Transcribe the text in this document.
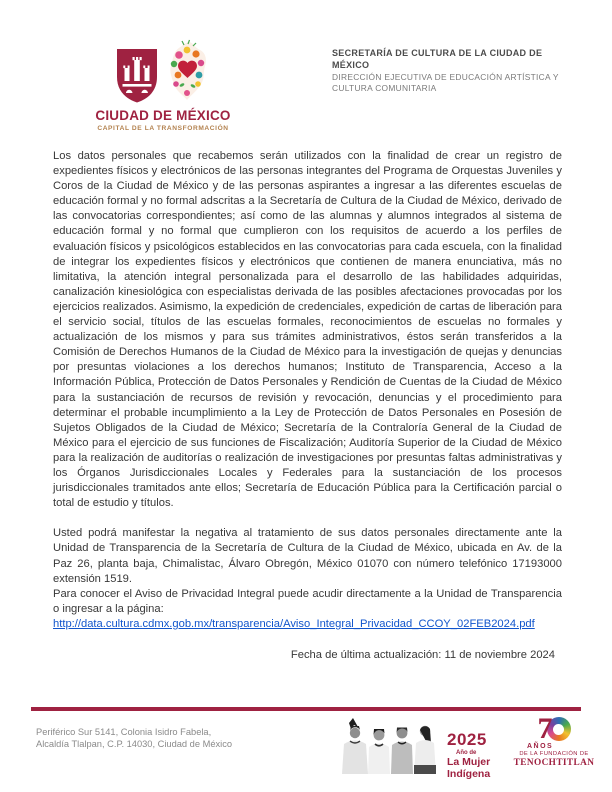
CIUDAD DE MÉXICO
CAPITAL DE LA TRANSFORMACIÓN
SECRETARÍA DE CULTURA DE LA CIUDAD DE MÉXICO
DIRECCIÓN EJECUTIVA DE EDUCACIÓN ARTÍSTICA Y CULTURA COMUNITARIA

Los datos personales que recabemos serán utilizados con la finalidad de crear un registro de expedientes físicos y electrónicos de las personas integrantes del Programa de Orquestas Juveniles y Coros de la Ciudad de México y de las personas aspirantes a ingresar a las diferentes escuelas de educación formal y no formal adscritas a la Secretaría de Cultura de la Ciudad de México, derivado de las convocatorias correspondientes; así como de las alumnas y alumnos integrados al sistema de educación formal y no formal que cumplieron con los requisitos de acuerdo a los perfiles de evaluación físicos y psicológicos establecidos en las convocatorias para cada escuela, con la finalidad de integrar los expedientes físicos y electrónicos que contienen de manera enunciativa, más no limitativa, la atención integral personalizada para el desarrollo de las habilidades adquiridas, canalización kinesiológica con especialistas derivada de las posibles afectaciones provocadas por los ejercicios realizados. Asimismo, la expedición de credenciales, expedición de cartas de liberación para el servicio social, títulos de las escuelas formales, reconocimientos de escuelas no formales y actualización de los mismos y para sus trámites administrativos, éstos serán transferidos a la Comisión de Derechos Humanos de la Ciudad de México para la investigación de quejas y denuncias por presuntas violaciones a los derechos humanos; Instituto de Transparencia, Acceso a la Información Pública, Protección de Datos Personales y Rendición de Cuentas de la Ciudad de México para la sustanciación de recursos de revisión y revocación, denuncias y el procedimiento para determinar el probable incumplimiento a la Ley de Protección de Datos Personales en Posesión de Sujetos Obligados de la Ciudad de México; Secretaría de la Contraloría General de la Ciudad de México para el ejercicio de sus funciones de Fiscalización; Auditoría Superior de la Ciudad de México para la realización de auditorías o realización de investigaciones por presuntas faltas administrativas y los Órganos Jurisdiccionales Locales y Federales para la sustanciación de los procesos jurisdiccionales tramitados ante ellos; Secretaría de Educación Pública para la Certificación parcial o total de estudio y títulos.

Usted podrá manifestar la negativa al tratamiento de sus datos personales directamente ante la Unidad de Transparencia de la Secretaría de Cultura de la Ciudad de México, ubicada en Av. de la Paz 26, planta baja, Chimalistac, Álvaro Obregón, México 01070 con número telefónico 17193000 extensión 1519.

Para conocer el Aviso de Privacidad Integral puede acudir directamente a la Unidad de Transparencia o ingresar a la página:

http://data.cultura.cdmx.gob.mx/transparencia/Aviso_Integral_Privacidad_CCOY_02FEB2024.pdf
Fecha de última actualización: 11 de noviembre 2024
Periférico Sur 5141, Colonia Isidro Fabela,
Alcaldía Tlalpan, C.P. 14030, Ciudad de México	2025
Año de
La Mujer
Indígena
7
AÑOS
DE LA FUNDACIÓN DE
TENOCHTITLAN
